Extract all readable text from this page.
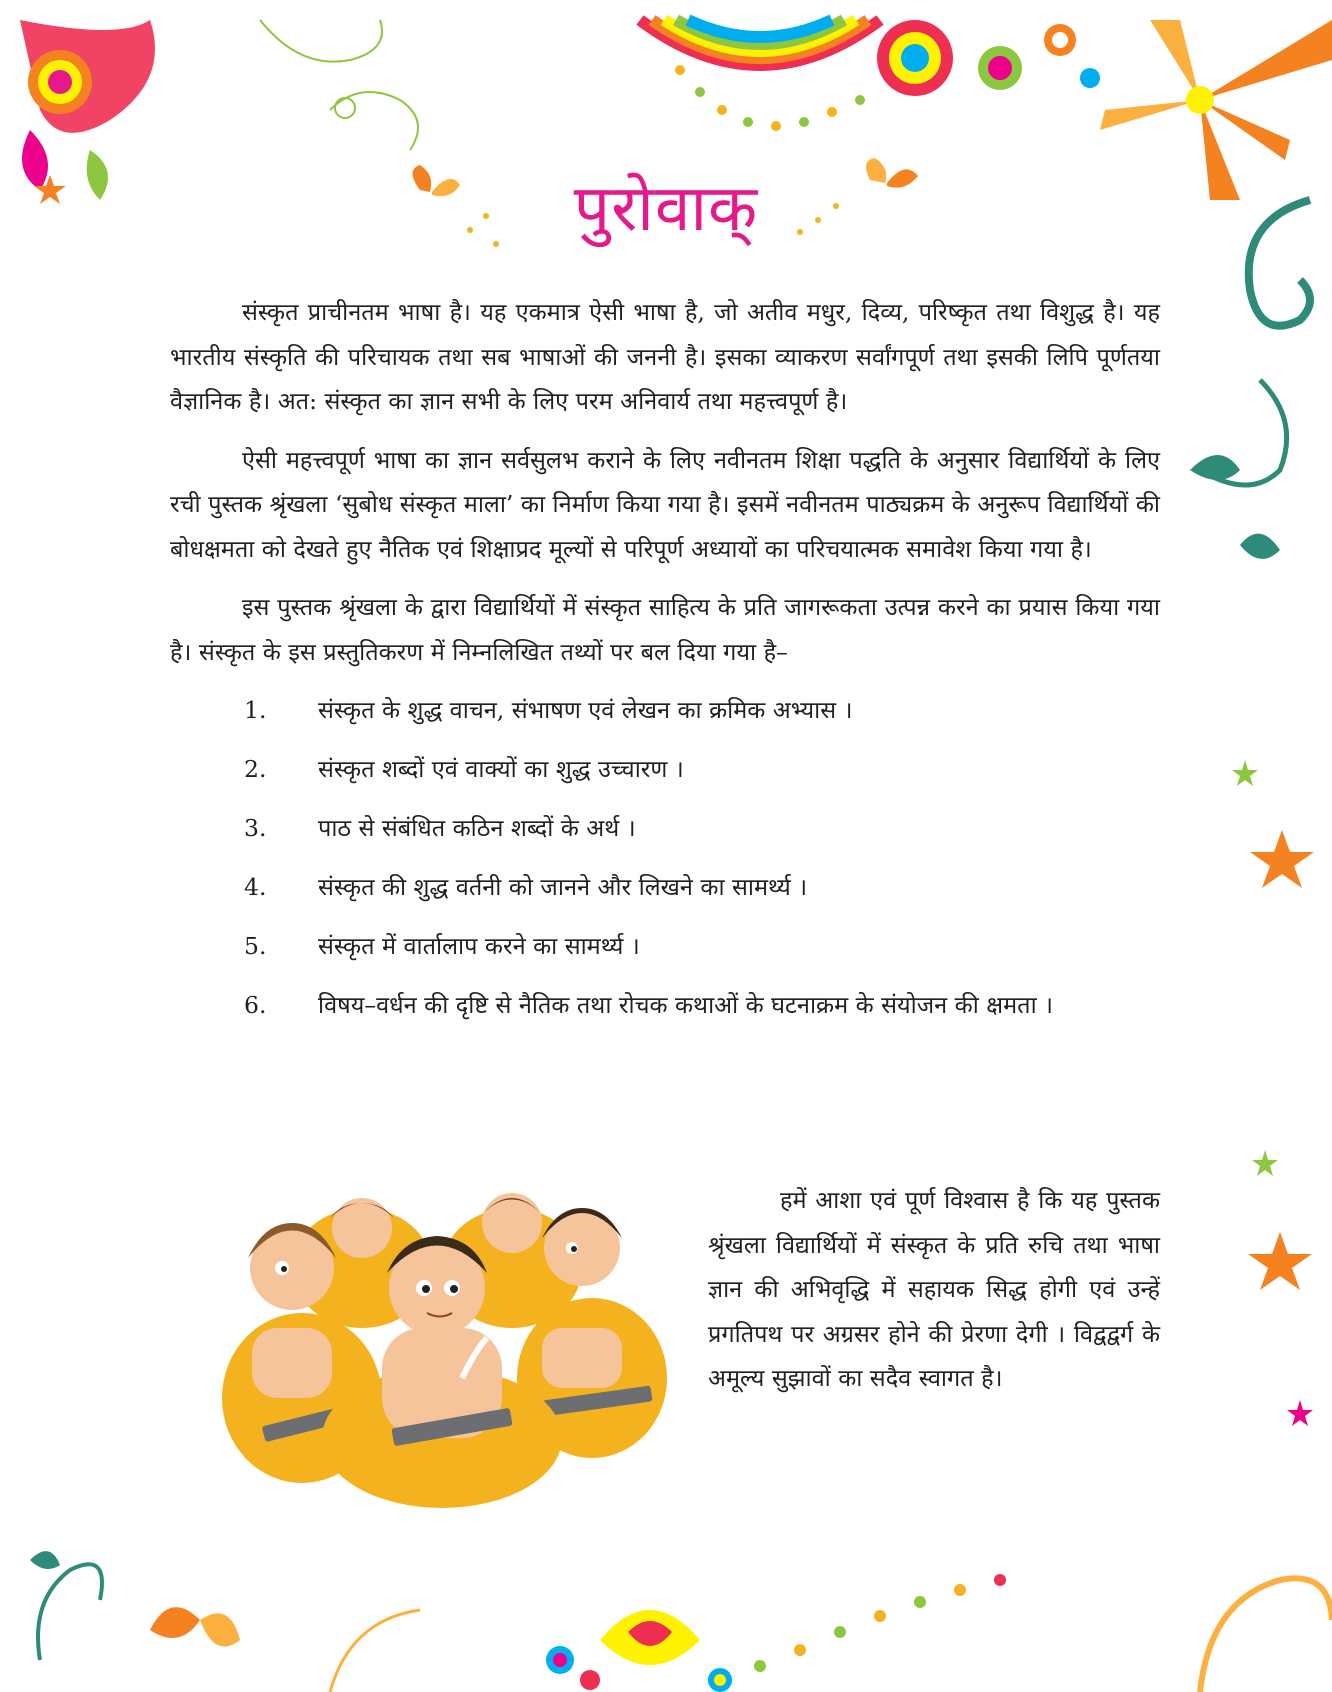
पुरोवाक्

संस्कृत प्राचीनतम भाषा है। यह एकमात्र ऐसी भाषा है, जो अतीव मधुर, दिव्य, परिष्कृत तथा विशुद्ध है। यह भारतीय संस्कृति की परिचायक तथा सब भाषाओं की जननी है। इसका व्याकरण सर्वांगपूर्ण तथा इसकी लिपि पूर्णतया वैज्ञानिक है। अत: संस्कृत का ज्ञान सभी के लिए परम अनिवार्य तथा महत्त्वपूर्ण है।

ऐसी महत्त्वपूर्ण भाषा का ज्ञान सर्वसुलभ कराने के लिए नवीनतम शिक्षा पद्धति के अनुसार विद्यार्थियों के लिए रची पुस्तक श्रृंखला ‘सुबोध संस्कृत माला’ का निर्माण किया गया है। इसमें नवीनतम पाठ्यक्रम के अनुरूप विद्यार्थियों की बोधक्षमता को देखते हुए नैतिक एवं शिक्षाप्रद मूल्यों से परिपूर्ण अध्यायों का परिचयात्मक समावेश किया गया है।

इस पुस्तक श्रृंखला के द्वारा विद्यार्थियों में संस्कृत साहित्य के प्रति जागरूकता उत्पन्न करने का प्रयास किया गया है। संस्कृत के इस प्रस्तुतिकरण में निम्नलिखित तथ्यों पर बल दिया गया है–

1.	संस्कृत के शुद्ध वाचन, संभाषण एवं लेखन का क्रमिक अभ्यास ।
2.	संस्कृत शब्दों एवं वाक्यों का शुद्ध उच्चारण ।
3.	पाठ से संबंधित कठिन शब्दों के अर्थ ।
4.	संस्कृत की शुद्ध वर्तनी को जानने और लिखने का सामर्थ्य ।
5.	संस्कृत में वार्तालाप करने का सामर्थ्य ।
6.	विषय–वर्धन की दृष्टि से नैतिक तथा रोचक कथाओं के घटनाक्रम के संयोजन की क्षमता ।

हमें आशा एवं पूर्ण विश्वास है कि यह पुस्तक श्रृंखला विद्यार्थियों में संस्कृत के प्रति रुचि तथा भाषा ज्ञान की अभिवृद्धि में सहायक सिद्ध होगी एवं उन्हें प्रगतिपथ पर अग्रसर होने की प्रेरणा देगी । विद्वद्वर्ग के अमूल्य सुझावों का सदैव स्वागत है।
